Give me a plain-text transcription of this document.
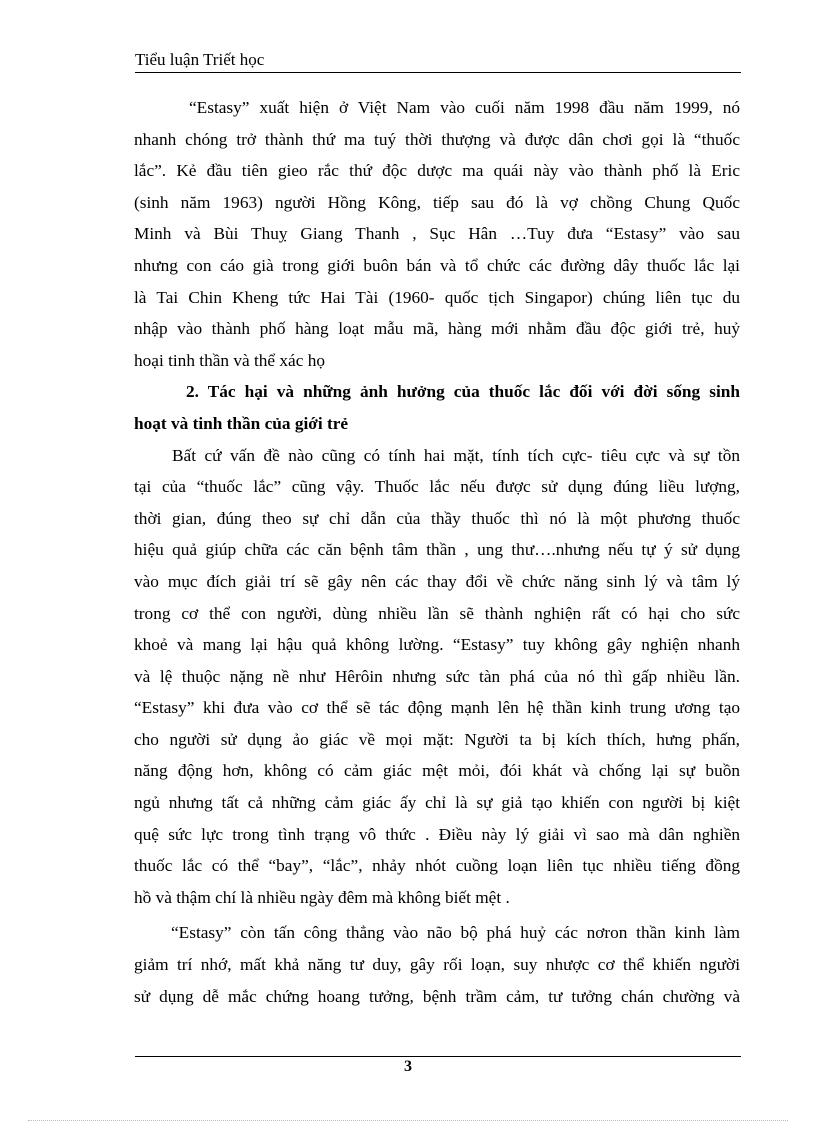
Tiểu luận Triết học
“Estasy” xuất hiện ở Việt Nam vào cuối năm 1998 đầu năm 1999, nó
nhanh chóng trở thành thứ ma tuý thời thượng và được dân chơi gọi là “thuốc
lắc”. Kẻ đầu tiên gieo rắc thứ độc dược ma quái này vào thành phố là Eric
(sinh năm 1963) người Hồng Kông, tiếp sau đó là vợ chồng Chung Quốc
Minh và Bùi Thuỵ Giang Thanh , Sục Hân …Tuy đưa “Estasy” vào sau
nhưng con cáo già trong giới buôn bán và tổ chức các đường dây thuốc lắc lại
là Tai Chin Kheng tức Hai Tài (1960- quốc tịch Singapor) chúng liên tục du
nhập vào thành phố hàng loạt mẫu mã, hàng mới nhằm đầu độc giới trẻ, huỷ
hoại tinh thần và thể xác họ
2. Tác hại và những ảnh hưởng của thuốc lắc đối với đời sống sinh
hoạt và tinh thần của giới trẻ
Bất cứ vấn đề nào cũng có tính hai mặt, tính tích cực- tiêu cực và sự tồn
tại của “thuốc lắc” cũng vậy. Thuốc lắc nếu được sử dụng đúng liều lượng,
thời gian, đúng theo sự chỉ dẫn của thầy thuốc thì nó là một phương thuốc
hiệu quả giúp chữa các căn bệnh tâm thần , ung thư….nhưng nếu tự ý sử dụng
vào mục đích giải trí sẽ gây nên các thay đổi về chức năng sinh lý và tâm lý
trong cơ thể con người, dùng nhiều lần sẽ thành nghiện rất có hại cho sức
khoẻ và mang lại hậu quả không lường. “Estasy” tuy không gây nghiện nhanh
và lệ thuộc nặng nề như Hêrôin nhưng sức tàn phá của nó thì gấp nhiều lần.
“Estasy” khi đưa vào cơ thể sẽ tác động mạnh lên hệ thần kinh trung ương tạo
cho người sử dụng ảo giác về mọi mặt: Người ta bị kích thích, hưng phấn,
năng động hơn, không có cảm giác mệt mỏi, đói khát và chống lại sự buồn
ngủ nhưng tất cả những cảm giác ấy chỉ là sự giả tạo khiến con người bị kiệt
quệ sức lực trong tình trạng vô thức . Điều này lý giải vì sao mà dân nghiền
thuốc lắc có thể “bay”, “lắc”, nhảy nhót cuồng loạn liên tục nhiều tiếng đồng
hồ và thậm chí là nhiều ngày đêm mà không biết mệt .
“Estasy” còn tấn công thẳng vào não bộ phá huỷ các nơron thần kinh làm
giảm trí nhớ, mất khả năng tư duy, gây rối loạn, suy nhược cơ thể khiến người
sử dụng dễ mắc chứng hoang tưởng, bệnh trầm cảm, tư tưởng chán chường và
3
